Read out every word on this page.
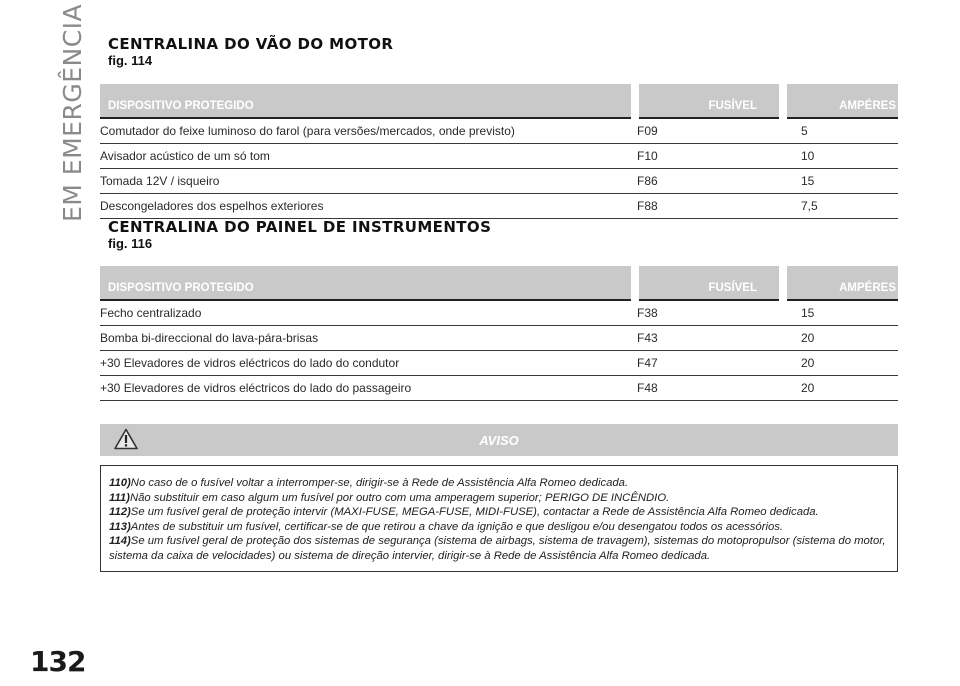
EM EMERGÊNCIA
132
CENTRALINA DO VÃO DO MOTOR

fig. 114

DISPOSITIVO PROTEGIDO	FUSÍVEL	AMPÉRES
Comutador do feixe luminoso do farol (para versões/mercados, onde previsto)	F09	5
Avisador acústico de um só tom	F10	10
Tomada 12V / isqueiro	F86	15
Descongeladores dos espelhos exteriores	F88	7,5
CENTRALINA DO PAINEL DE INSTRUMENTOS

fig. 116

DISPOSITIVO PROTEGIDO	FUSÍVEL	AMPÉRES
Fecho centralizado	F38	15
Bomba bi-direccional do lava-pára-brisas	F43	20
+30 Elevadores de vidros eléctricos do lado do condutor	F47	20
+30 Elevadores de vidros eléctricos do lado do passageiro	F48	20
AVISO

110)No caso de o fusível voltar a interromper-se, dirigir-se à Rede de Assistência Alfa Romeo dedicada.

111)Não substituir em caso algum um fusível por outro com uma amperagem superior; PERIGO DE INCÊNDIO.

112)Se um fusível geral de proteção intervir (MAXI-FUSE, MEGA-FUSE, MIDI-FUSE), contactar a Rede de Assistência Alfa Romeo dedicada.

113)Antes de substituir um fusível, certificar-se de que retirou a chave da ignição e que desligou e/ou desengatou todos os acessórios.

114)Se um fusível geral de proteção dos sistemas de segurança (sistema de airbags, sistema de travagem), sistemas do motopropulsor (sistema do motor, sistema da caixa de velocidades) ou sistema de direção intervier, dirigir-se à Rede de Assistência Alfa Romeo dedicada.
